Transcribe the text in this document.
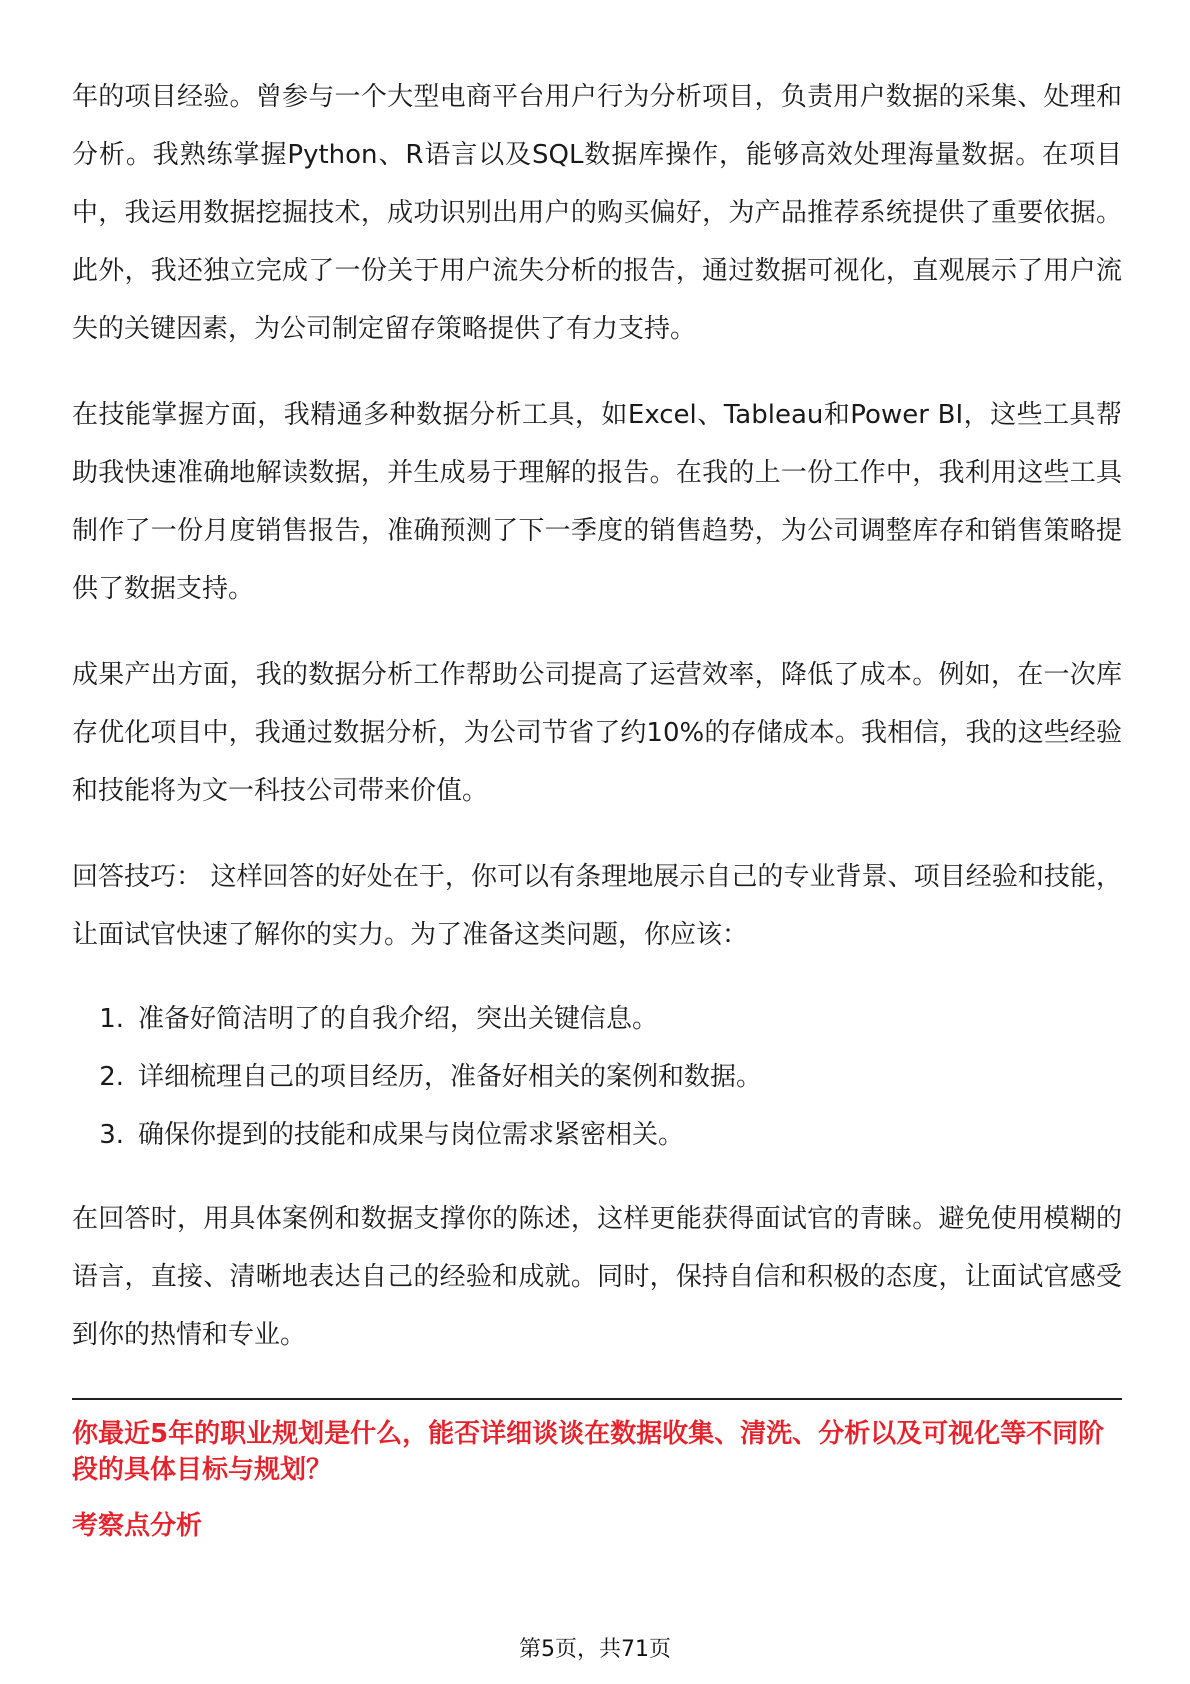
年的项目经验。曾参与一个大型电商平台用户行为分析项目，负责用户数据的采集、处理和分析。我熟练掌握Python、R语言以及SQL数据库操作，能够高效处理海量数据。在项目中，我运用数据挖掘技术，成功识别出用户的购买偏好，为产品推荐系统提供了重要依据。此外，我还独立完成了一份关于用户流失分析的报告，通过数据可视化，直观展示了用户流失的关键因素，为公司制定留存策略提供了有力支持。

在技能掌握方面，我精通多种数据分析工具，如Excel、Tableau和Power BI，这些工具帮助我快速准确地解读数据，并生成易于理解的报告。在我的上一份工作中，我利用这些工具制作了一份月度销售报告，准确预测了下一季度的销售趋势，为公司调整库存和销售策略提供了数据支持。

成果产出方面，我的数据分析工作帮助公司提高了运营效率，降低了成本。例如，在一次库存优化项目中，我通过数据分析，为公司节省了约10%的存储成本。我相信，我的这些经验和技能将为文一科技公司带来价值。

回答技巧： 这样回答的好处在于，你可以有条理地展示自己的专业背景、项目经验和技能，让面试官快速了解你的实力。为了准备这类问题，你应该：

1. 准备好简洁明了的自我介绍，突出关键信息。
2. 详细梳理自己的项目经历，准备好相关的案例和数据。
3. 确保你提到的技能和成果与岗位需求紧密相关。

在回答时，用具体案例和数据支撑你的陈述，这样更能获得面试官的青睐。避免使用模糊的语言，直接、清晰地表达自己的经验和成就。同时，保持自信和积极的态度，让面试官感受到你的热情和专业。

你最近5年的职业规划是什么，能否详细谈谈在数据收集、清洗、分析以及可视化等不同阶段的具体目标与规划？

考察点分析

第5页，共71页
